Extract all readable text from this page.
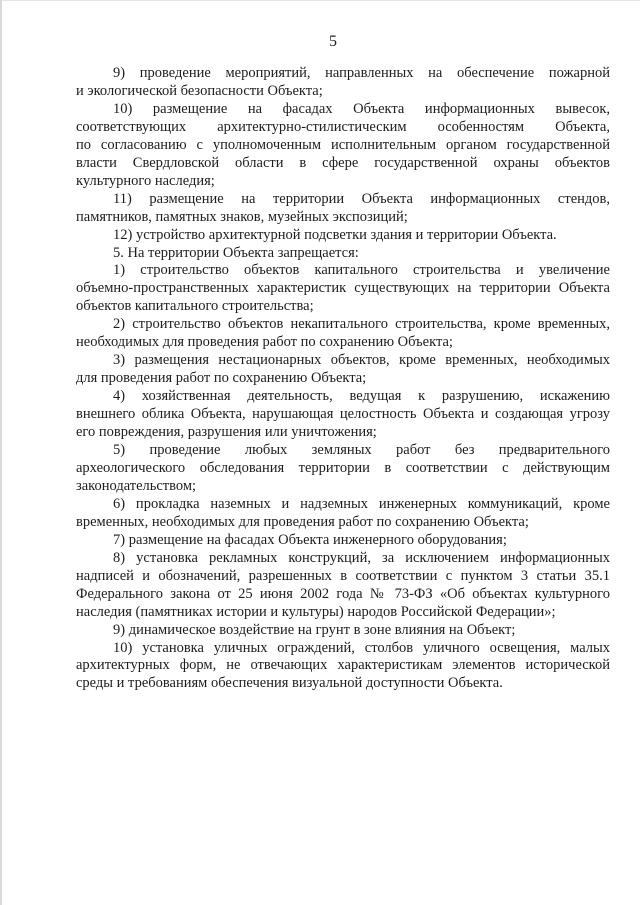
5
9) проведение мероприятий, направленных на обеспечение пожарной
и экологической безопасности Объекта;
10) размещение на фасадах Объекта информационных вывесок,
соответствующих архитектурно-стилистическим особенностям Объекта,
по согласованию с уполномоченным исполнительным органом государственной
власти Свердловской области в сфере государственной охраны объектов
культурного наследия;
11) размещение на территории Объекта информационных стендов,
памятников, памятных знаков, музейных экспозиций;
12) устройство архитектурной подсветки здания и территории Объекта.
5. На территории Объекта запрещается:
1) строительство объектов капитального строительства и увеличение
объемно-пространственных характеристик существующих на территории Объекта
объектов капитального строительства;
2) строительство объектов некапитального строительства, кроме временных,
необходимых для проведения работ по сохранению Объекта;
3) размещения нестационарных объектов, кроме временных, необходимых
для проведения работ по сохранению Объекта;
4) хозяйственная деятельность, ведущая к разрушению, искажению
внешнего облика Объекта, нарушающая целостность Объекта и создающая угрозу
его повреждения, разрушения или уничтожения;
5) проведение любых земляных работ без предварительного
археологического обследования территории в соответствии с действующим
законодательством;
6) прокладка наземных и надземных инженерных коммуникаций, кроме
временных, необходимых для проведения работ по сохранению Объекта;
7) размещение на фасадах Объекта инженерного оборудования;
8) установка рекламных конструкций, за исключением информационных
надписей и обозначений, разрешенных в соответствии с пунктом 3 статьи 35.1
Федерального закона от 25 июня 2002 года № 73-ФЗ «Об объектах культурного
наследия (памятниках истории и культуры) народов Российской Федерации»;
9) динамическое воздействие на грунт в зоне влияния на Объект;
10) установка уличных ограждений, столбов уличного освещения, малых
архитектурных форм, не отвечающих характеристикам элементов исторической
среды и требованиям обеспечения визуальной доступности Объекта.
